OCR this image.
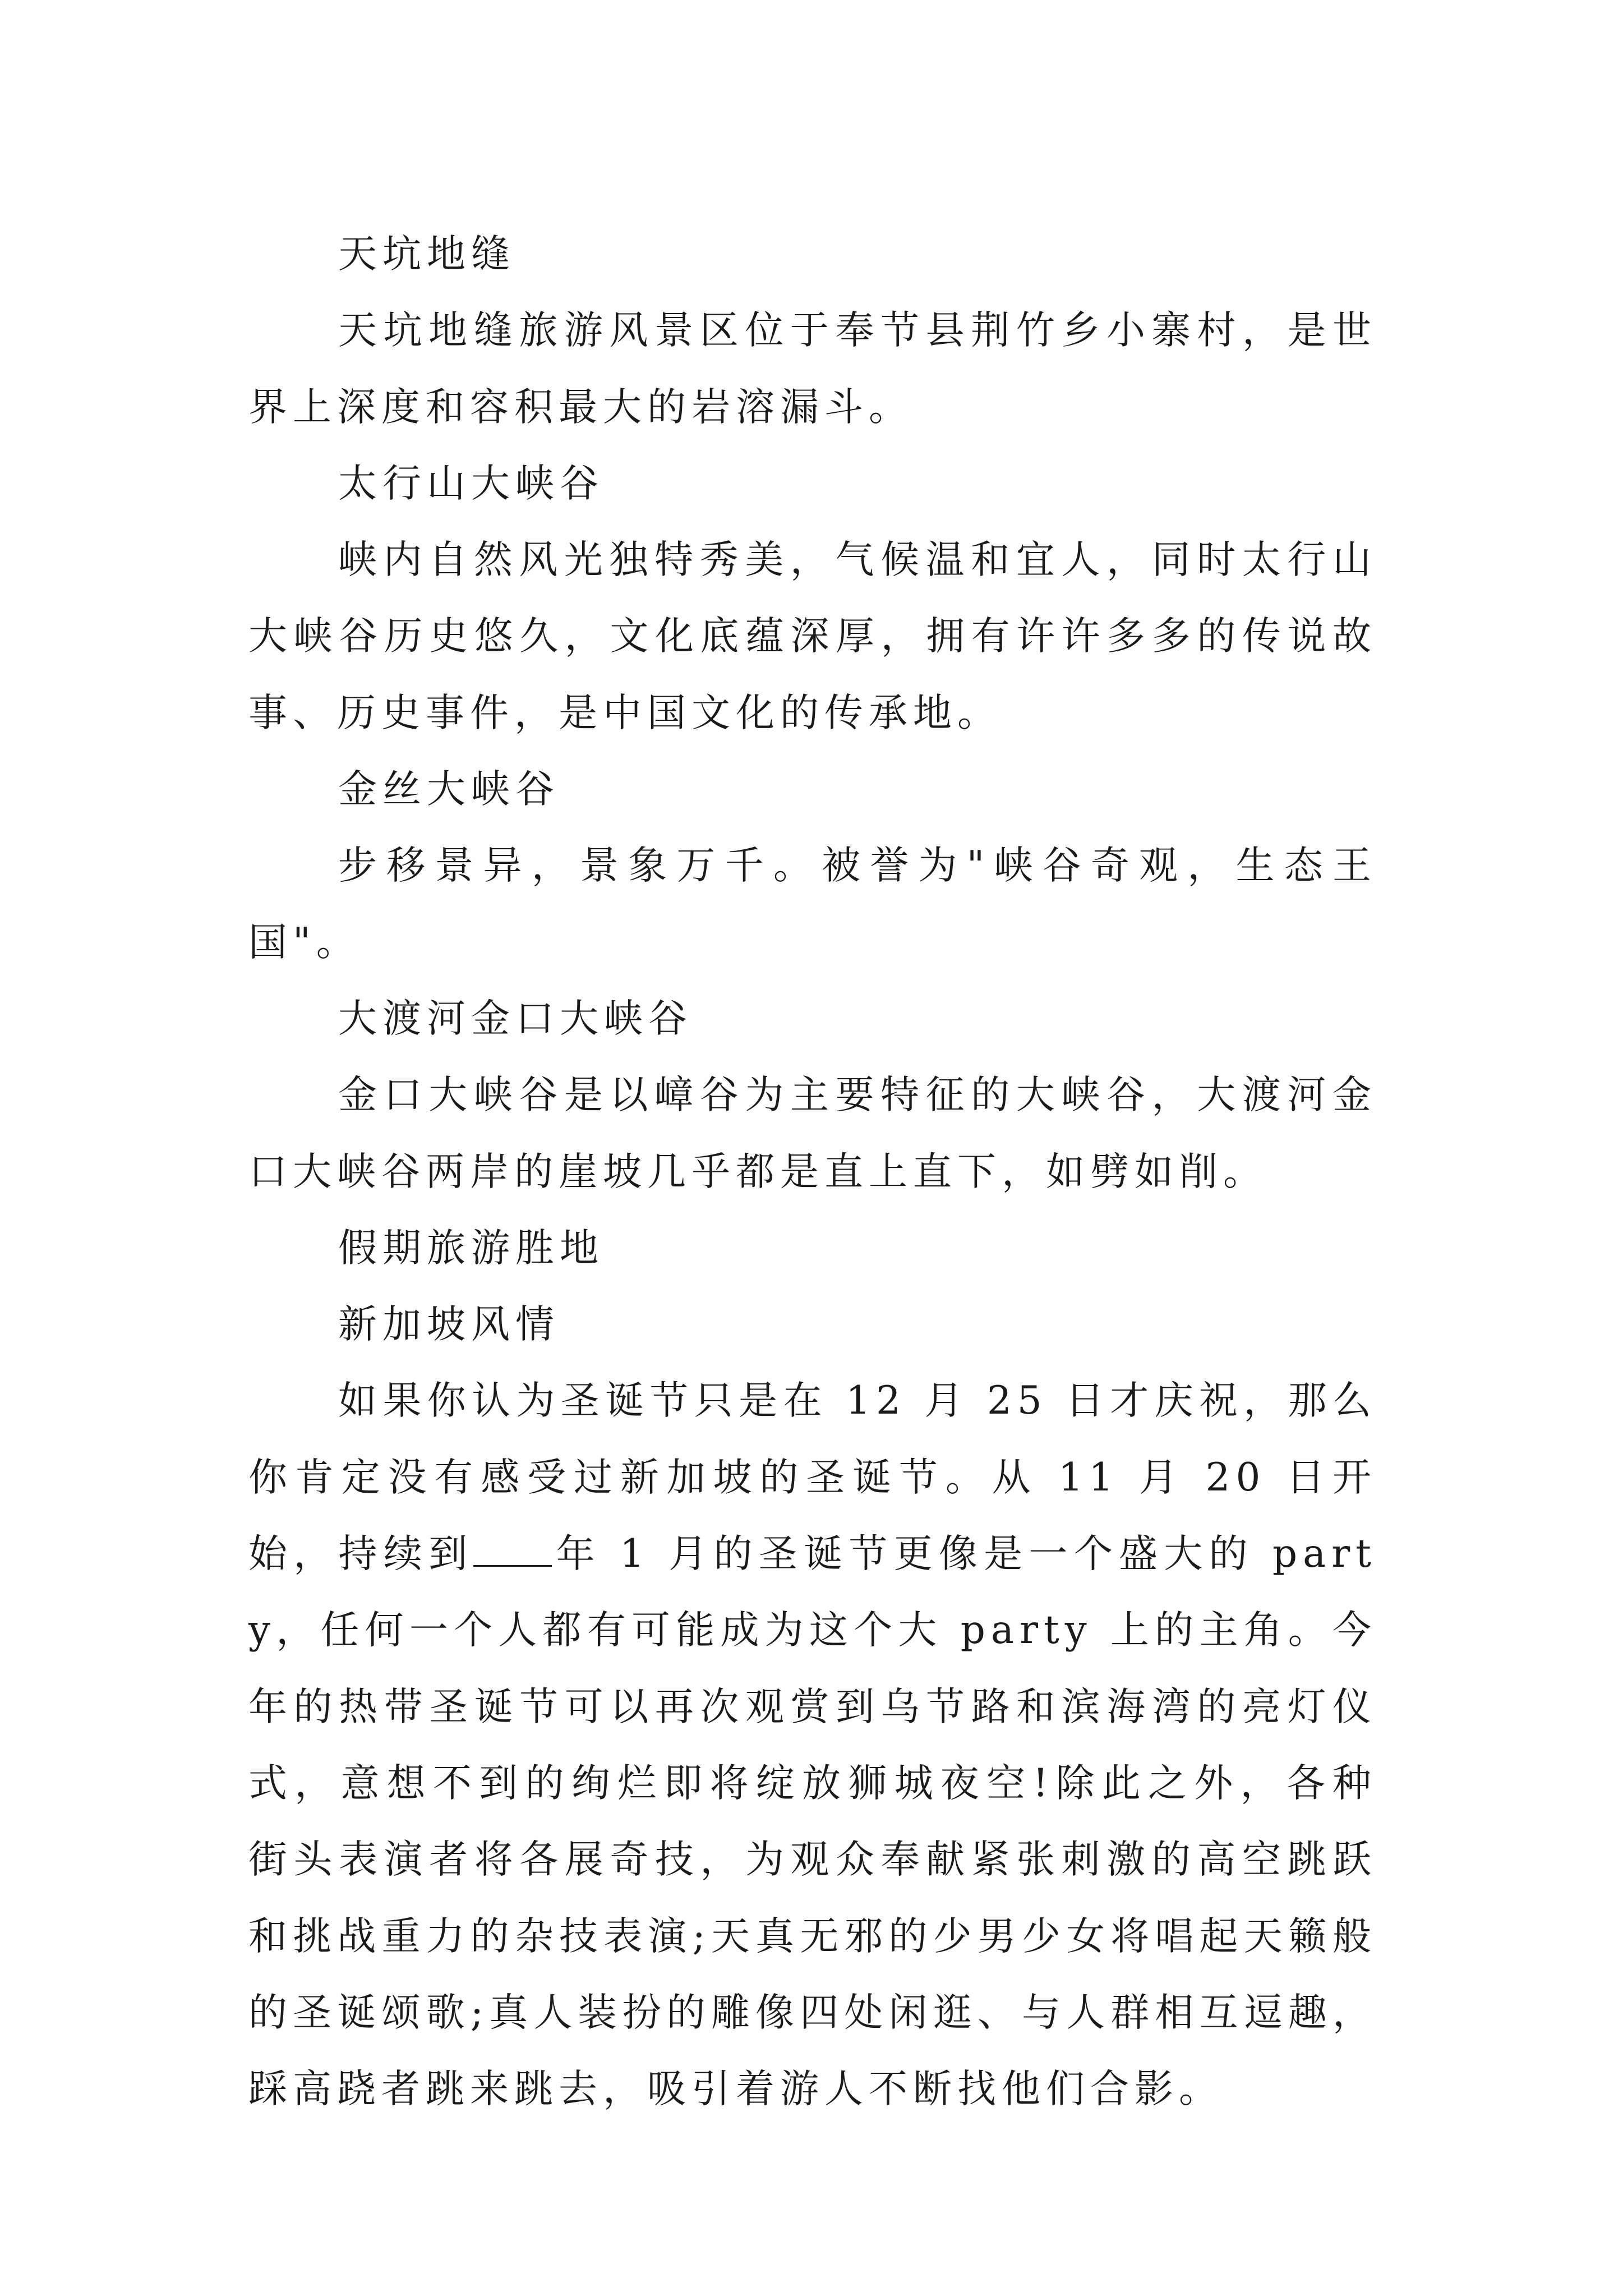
天坑地缝

天坑地缝旅游风景区位于奉节县荆竹乡小寨村，是世界上深度和容积最大的岩溶漏斗。

太行山大峡谷

峡内自然风光独特秀美，气候温和宜人，同时太行山大峡谷历史悠久，文化底蕴深厚，拥有许许多多的传说故事、历史事件，是中国文化的传承地。

金丝大峡谷

步移景异，景象万千。被誉为"峡谷奇观，生态王国"。

大渡河金口大峡谷

金口大峡谷是以嶂谷为主要特征的大峡谷，大渡河金口大峡谷两岸的崖坡几乎都是直上直下，如劈如削。

假期旅游胜地

新加坡风情

如果你认为圣诞节只是在 12 月 25 日才庆祝，那么你肯定没有感受过新加坡的圣诞节。从 11 月 20 日开始，持续到 年 1 月的圣诞节更像是一个盛大的 party，任何一个人都有可能成为这个大 party 上的主角。今年的热带圣诞节可以再次观赏到乌节路和滨海湾的亮灯仪式，意想不到的绚烂即将绽放狮城夜空!除此之外，各种街头表演者将各展奇技，为观众奉献紧张刺激的高空跳跃和挑战重力的杂技表演;天真无邪的少男少女将唱起天籁般的圣诞颂歌;真人装扮的雕像四处闲逛、与人群相互逗趣，踩高跷者跳来跳去，吸引着游人不断找他们合影。
